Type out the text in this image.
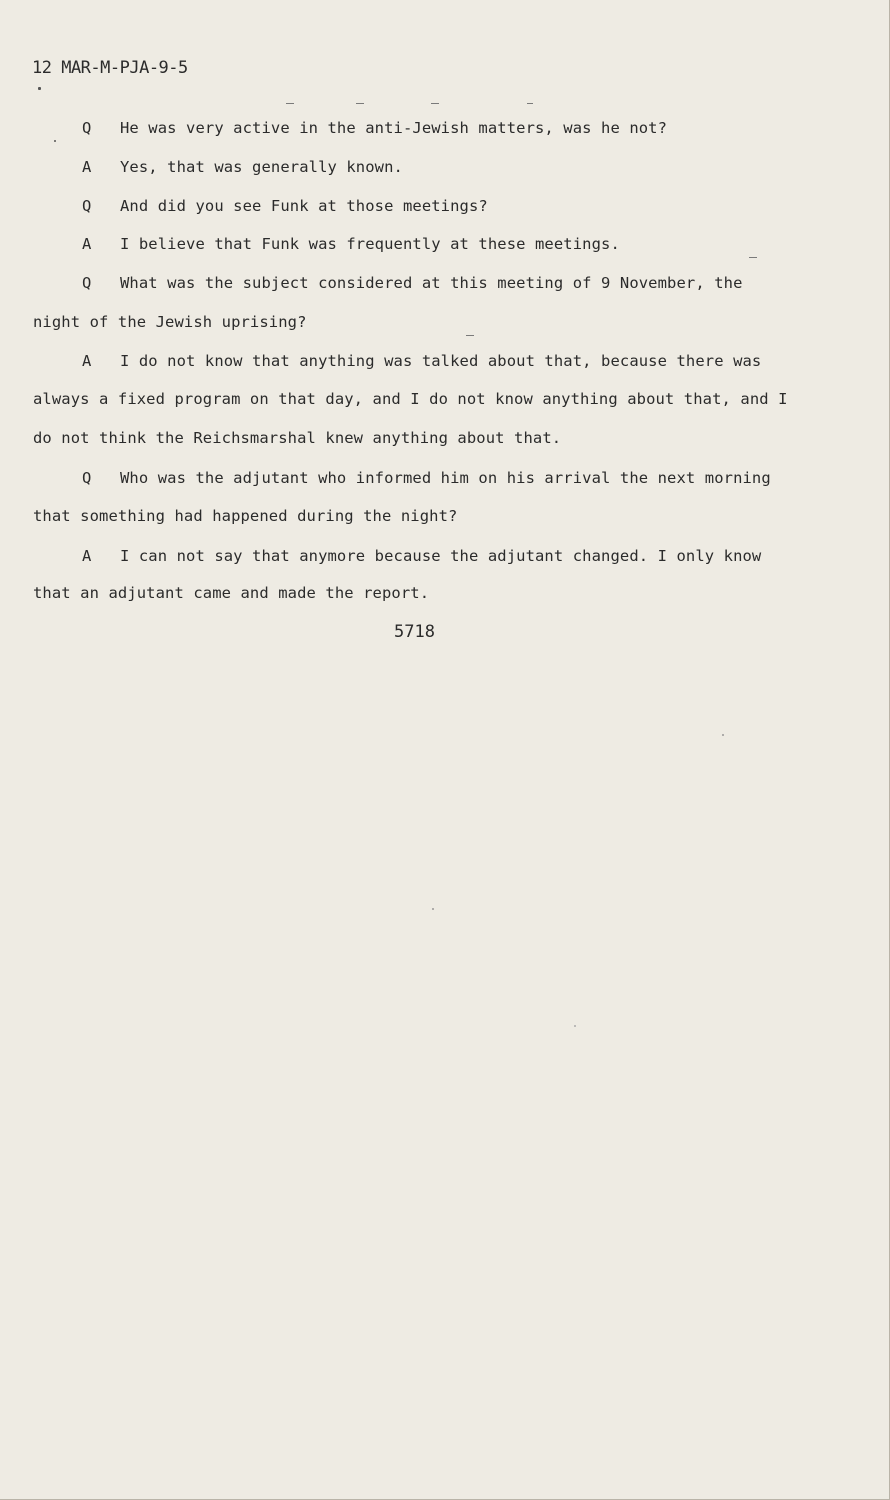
12 MAR-M-PJA-9-5
Q He was very active in the anti-Jewish matters, was he not?
A Yes, that was generally known.
Q And did you see Funk at those meetings?
A I believe that Funk was frequently at these meetings.
Q What was the subject considered at this meeting of 9 November, the
night of the Jewish uprising?
A I do not know that anything was talked about that, because there was
always a fixed program on that day, and I do not know anything about that, and I
do not think the Reichsmarshal knew anything about that.
Q Who was the adjutant who informed him on his arrival the next morning
that something had happened during the night?
A I can not say that anymore because the adjutant changed. I only know
that an adjutant came and made the report.
5718
